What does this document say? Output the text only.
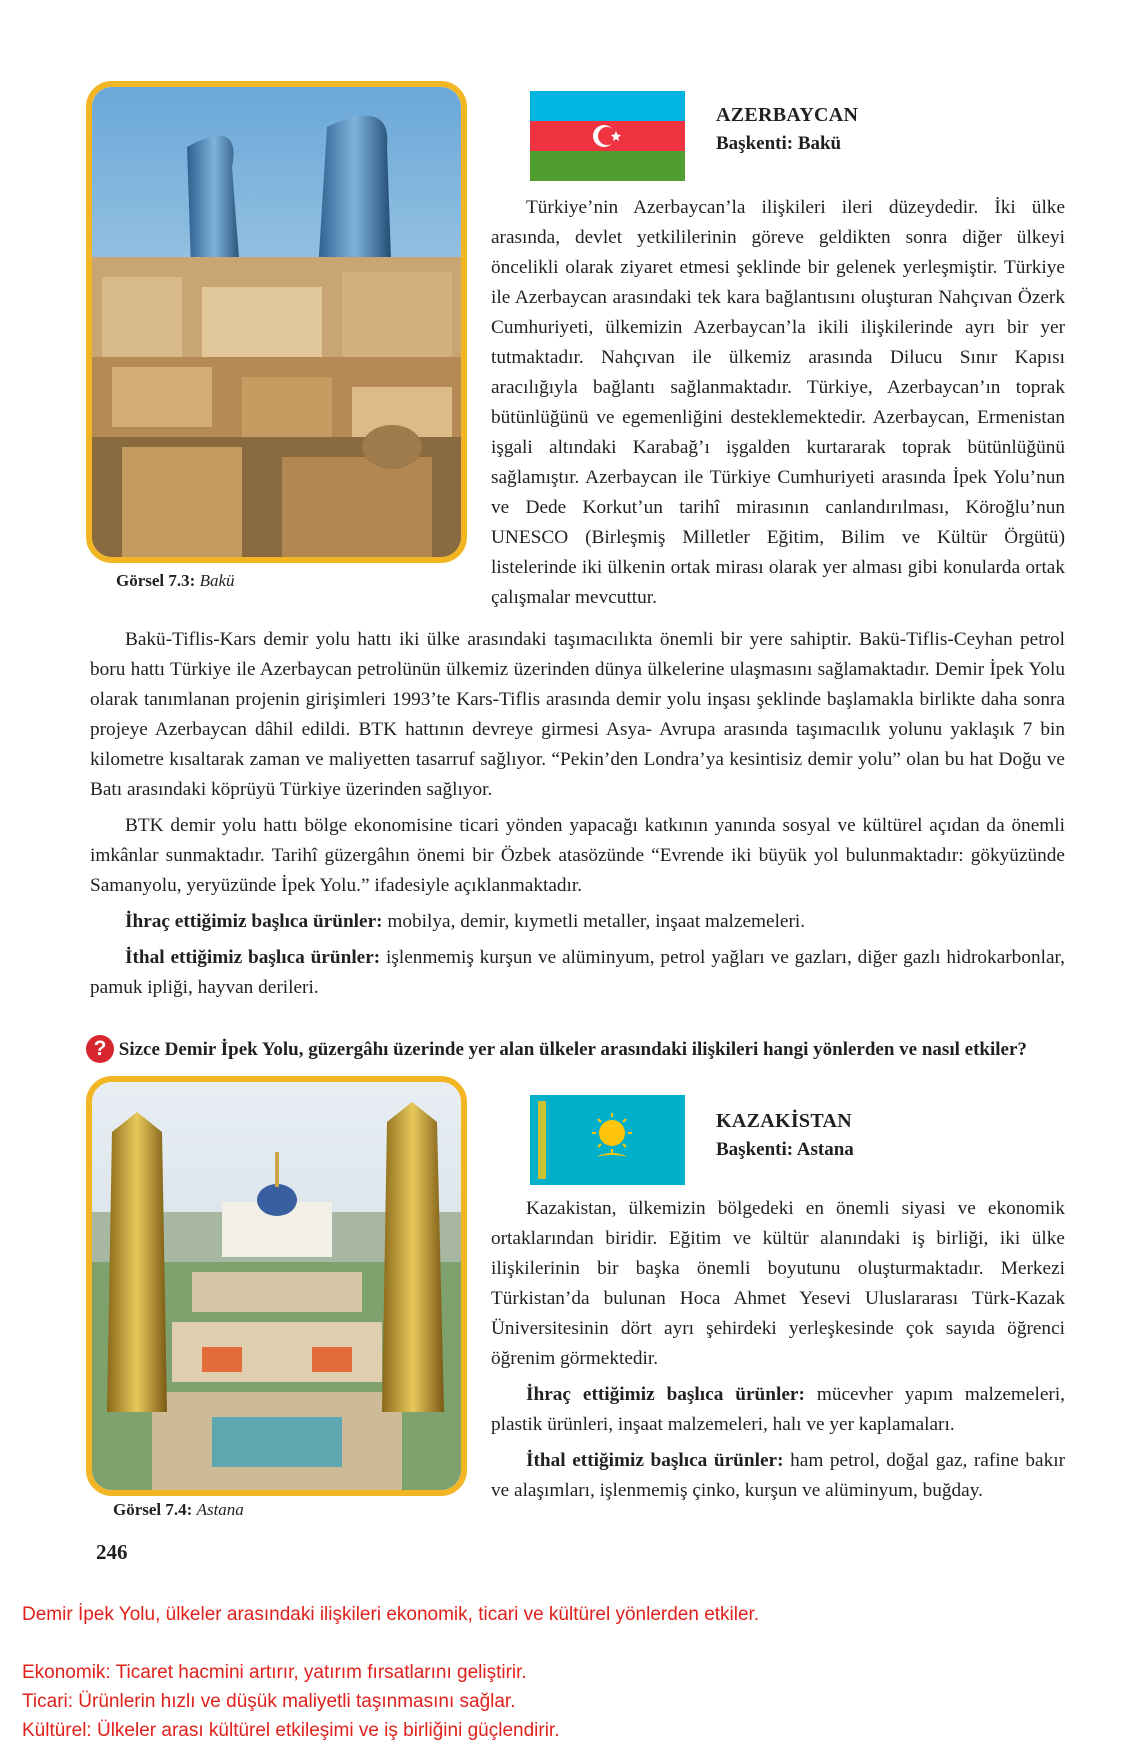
Görsel 7.3: Bakü
AZERBAYCAN
Başkenti: Bakü

Türkiye’nin Azerbaycan’la ilişkileri ileri düzeydedir. İki ülke arasında, devlet yetkililerinin göreve geldikten sonra diğer ülkeyi öncelikli olarak ziyaret etmesi şeklinde bir gelenek yerleşmiştir. Türkiye ile Azerbaycan arasındaki tek kara bağlantısını oluşturan Nahçıvan Özerk Cumhuriyeti, ülkemizin Azerbaycan’la ikili ilişkilerinde ayrı bir yer tutmaktadır. Nahçıvan ile ülkemiz arasında Dilucu Sınır Kapısı aracılığıyla bağlantı sağlanmaktadır. Türkiye, Azerbaycan’ın toprak bütünlüğünü ve egemenliğini desteklemektedir. Azerbaycan, Ermenistan işgali altındaki Karabağ’ı işgalden kurtararak toprak bütünlüğünü sağlamıştır. Azerbaycan ile Türkiye Cumhuriyeti arasında İpek Yolu’nun ve Dede Korkut’un tarihî mirasının canlandırılması, Köroğlu’nun UNESCO (Birleşmiş Milletler Eğitim, Bilim ve Kültür Örgütü) listelerinde iki ülkenin ortak mirası olarak yer alması gibi konularda ortak çalışmalar mevcuttur.

Bakü-Tiflis-Kars demir yolu hattı iki ülke arasındaki taşımacılıkta önemli bir yere sahiptir. Bakü-Tiflis-Ceyhan petrol boru hattı Türkiye ile Azerbaycan petrolünün ülkemiz üzerinden dünya ülkelerine ulaşmasını sağlamaktadır. Demir İpek Yolu olarak tanımlanan projenin girişimleri 1993’te Kars-Tiflis arasında demir yolu inşası şeklinde başlamakla birlikte daha sonra projeye Azerbaycan dâhil edildi. BTK hattının devreye girmesi Asya- Avrupa arasında taşımacılık yolunu yaklaşık 7 bin kilometre kısaltarak zaman ve maliyetten tasarruf sağlıyor. “Pekin’den Londra’ya kesintisiz demir yolu” olan bu hat Doğu ve Batı arasındaki köprüyü Türkiye üzerinden sağlıyor.

BTK demir yolu hattı bölge ekonomisine ticari yönden yapacağı katkının yanında sosyal ve kültürel açıdan da önemli imkânlar sunmaktadır. Tarihî güzergâhın önemi bir Özbek atasözünde “Evrende iki büyük yol bulunmaktadır: gökyüzünde Samanyolu, yeryüzünde İpek Yolu.” ifadesiyle açıklanmaktadır.

İhraç ettiğimiz başlıca ürünler: mobilya, demir, kıymetli metaller, inşaat malzemeleri.

İthal ettiğimiz başlıca ürünler: işlenmemiş kurşun ve alüminyum, petrol yağları ve gazları, diğer gazlı hidrokarbonlar, pamuk ipliği, hayvan derileri.

? Sizce Demir İpek Yolu, güzergâhı üzerinde yer alan ülkeler arasındaki ilişkileri hangi yönlerden ve nasıl etkiler?
Görsel 7.4: Astana
KAZAKİSTAN
Başkenti: Astana

Kazakistan, ülkemizin bölgedeki en önemli siyasi ve ekonomik ortaklarından biridir. Eğitim ve kültür alanındaki iş birliği, iki ülke ilişkilerinin bir başka önemli boyutunu oluşturmaktadır. Merkezi Türkistan’da bulunan Hoca Ahmet Yesevi Uluslararası Türk-Kazak Üniversitesinin dört ayrı şehirdeki yerleşkesinde çok sayıda öğrenci öğrenim görmektedir.

İhraç ettiğimiz başlıca ürünler: mücevher yapım malzemeleri, plastik ürünleri, inşaat malzemeleri, halı ve yer kaplamaları.

İthal ettiğimiz başlıca ürünler: ham petrol, doğal gaz, rafine bakır ve alaşımları, işlenmemiş çinko, kurşun ve alüminyum, buğday.

246
Demir İpek Yolu, ülkeler arasındaki ilişkileri ekonomik, ticari ve kültürel yönlerden etkiler.
Ekonomik: Ticaret hacmini artırır, yatırım fırsatlarını geliştirir.
Ticari: Ürünlerin hızlı ve düşük maliyetli taşınmasını sağlar.
Kültürel: Ülkeler arası kültürel etkileşimi ve iş birliğini güçlendirir.
